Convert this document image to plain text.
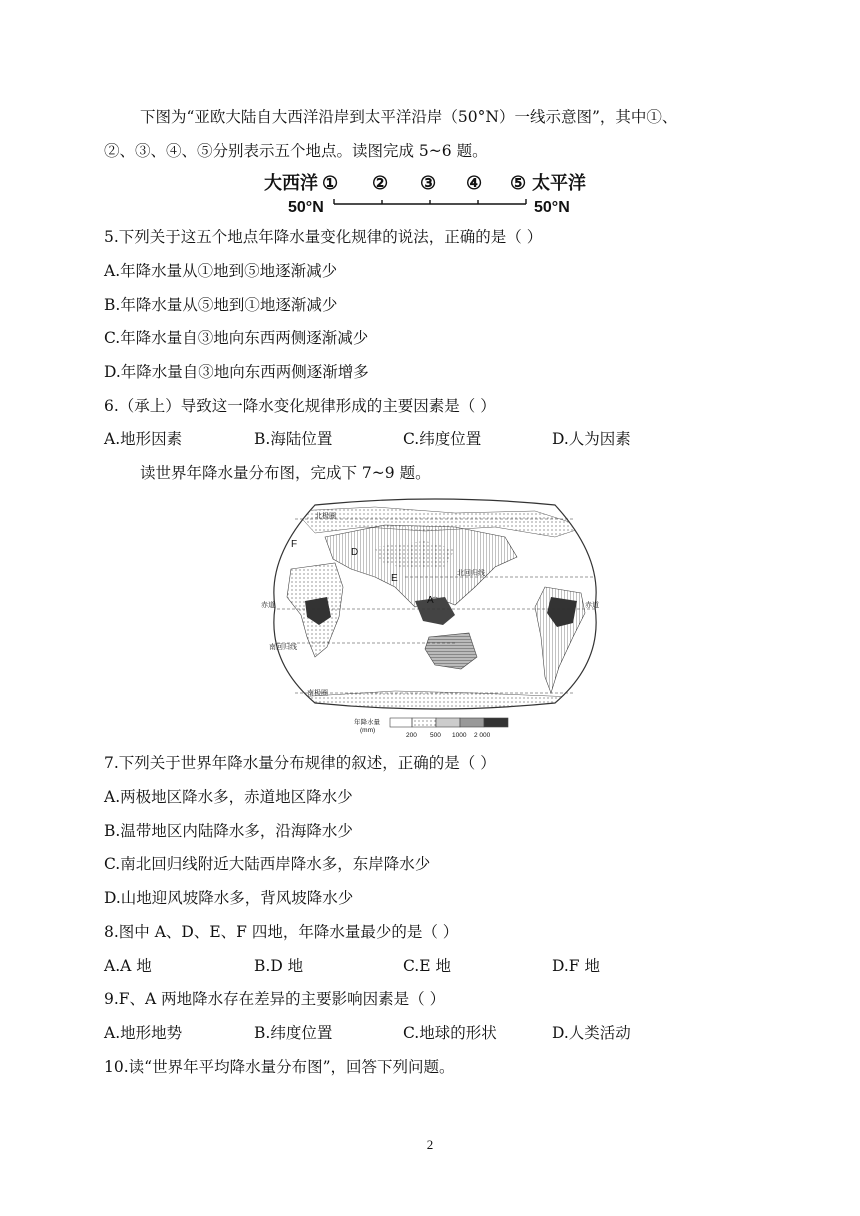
下图为“亚欧大陆自大西洋沿岸到太平洋沿岸（50°N）一线示意图”，其中①、
②、③、④、⑤分别表示五个地点。读图完成 5~6 题。
大西洋 ① ② ③ ④ ⑤ 太平洋
50°N	50°N
5.下列关于这五个地点年降水量变化规律的说法，正确的是（ ）
A.年降水量从①地到⑤地逐渐减少
B.年降水量从⑤地到①地逐渐减少
C.年降水量自③地向东西两侧逐渐减少
D.年降水量自③地向东西两侧逐渐增多
6.（承上）导致这一降水变化规律形成的主要因素是（ ）
A.地形因素	B.海陆位置	C.纬度位置	D.人为因素
读世界年降水量分布图，完成下 7~9 题。
北极圈
北回归线
赤道	赤道
南回归线
南极圈
F
D
E
A
年降水量
(mm)
200 500 1000 2 000
7.下列关于世界年降水量分布规律的叙述，正确的是（ ）
A.两极地区降水多，赤道地区降水少
B.温带地区内陆降水多，沿海降水少
C.南北回归线附近大陆西岸降水多，东岸降水少
D.山地迎风坡降水多，背风坡降水少
8.图中 A、D、E、F 四地，年降水量最少的是（ ）
A.A 地	B.D 地	C.E 地	D.F 地
9.F、A 两地降水存在差异的主要影响因素是（ ）
A.地形地势	B.纬度位置	C.地球的形状	D.人类活动
10.读“世界年平均降水量分布图”，回答下列问题。
2
